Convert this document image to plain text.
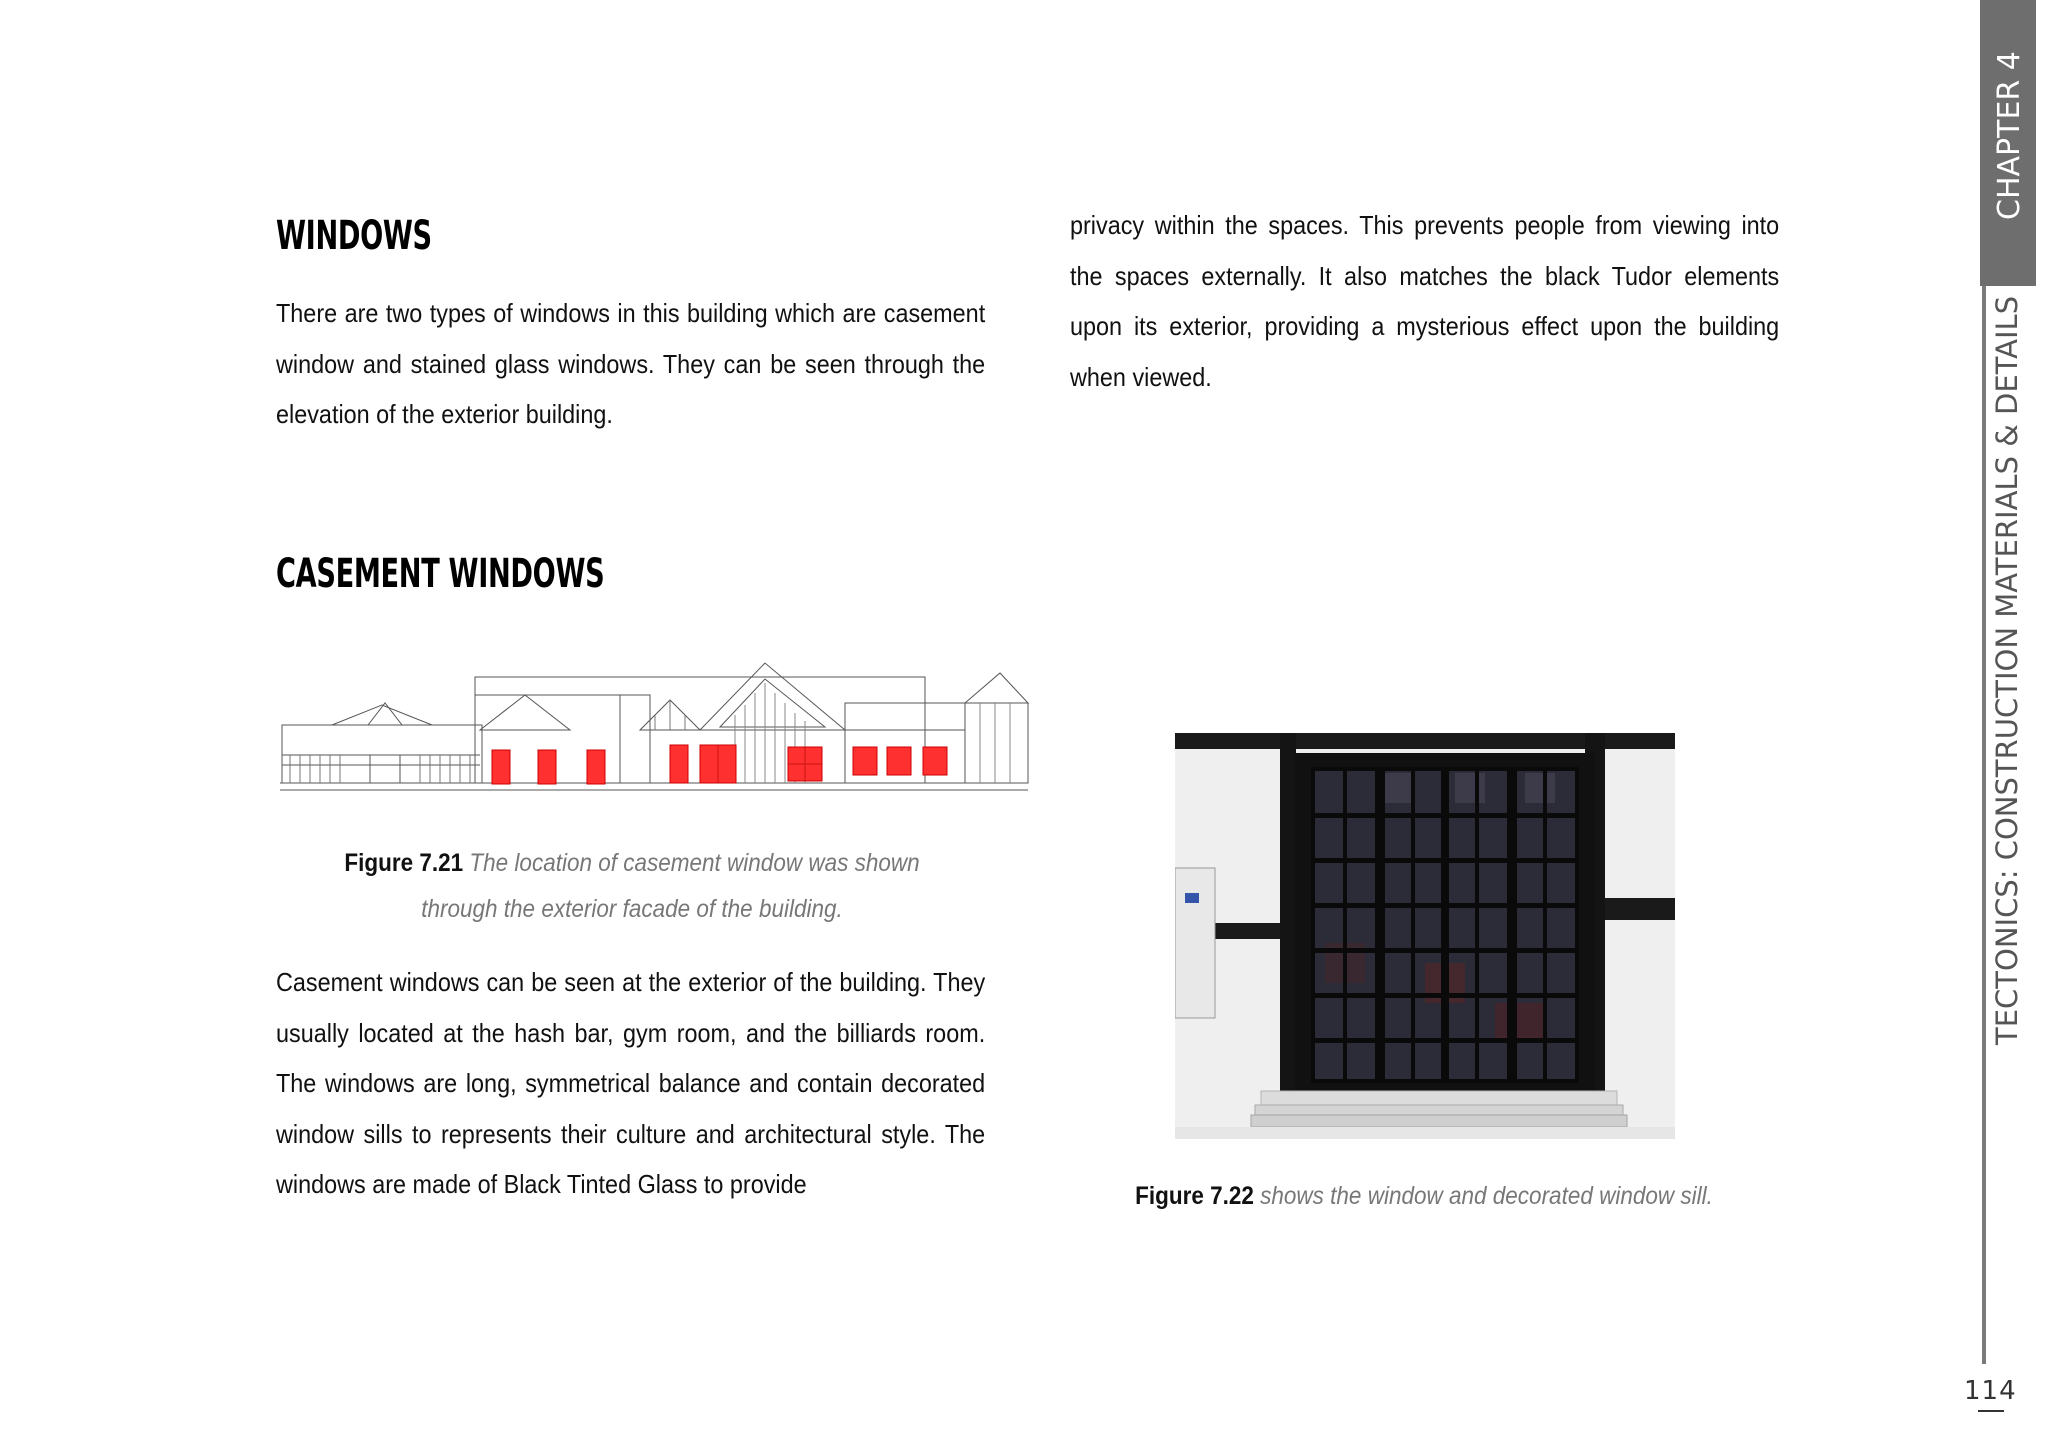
WINDOWS

There are two types of windows in this building which are casement window and stained glass windows. They can be seen through the elevation of the exterior building.

CASEMENT WINDOWS

Figure 7.21 The location of casement window was shown through the exterior facade of the building.

Casement windows can be seen at the exterior of the building. They usually located at the hash bar, gym room, and the billiards room. The windows are long, symmetrical balance and contain decorated window sills to represents their culture and architectural style. The windows are made of Black Tinted Glass to provide

privacy within the spaces. This prevents people from viewing into the spaces externally. It also matches the black Tudor elements upon its exterior, providing a mysterious effect upon the building when viewed.

Figure 7.22 shows the window and decorated window sill.

CHAPTER 4
TECTONICS: CONSTRUCTION MATERIALS & DETAILS
114
